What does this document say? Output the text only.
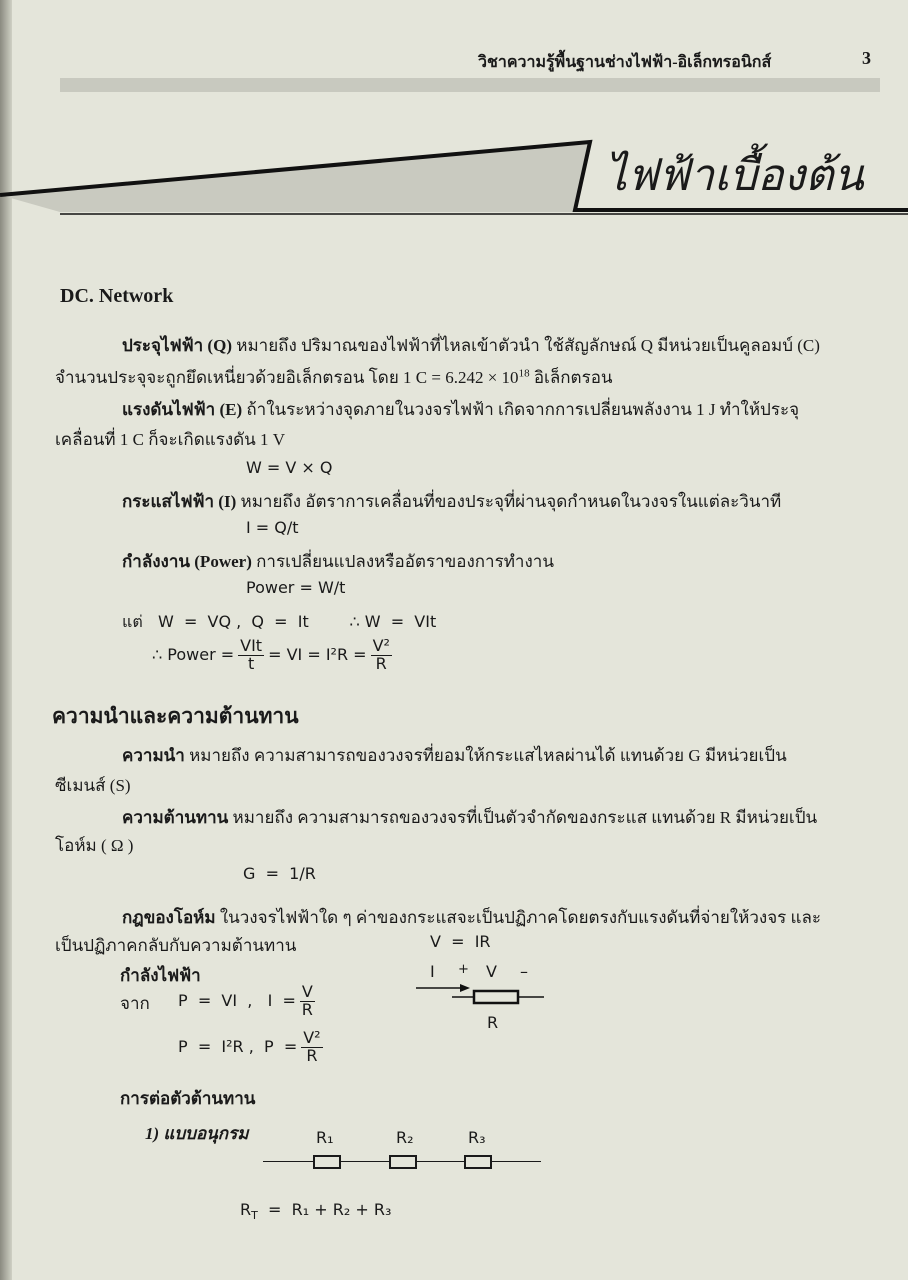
วิชาความรู้พื้นฐานช่างไฟฟ้า-อิเล็กทรอนิกส์	3
ไฟฟ้าเบื้องต้น
DC. Network
ประจุไฟฟ้า (Q) หมายถึง ปริมาณของไฟฟ้าที่ไหลเข้าตัวนำ ใช้สัญลักษณ์ Q มีหน่วยเป็นคูลอมบ์ (C)
จำนวนประจุจะถูกยึดเหนี่ยวด้วยอิเล็กตรอน โดย 1 $C = 6.242 \times 10^{18}$ อิเล็กตรอน
แรงดันไฟฟ้า (E) ถ้าในระหว่างจุดภายในวงจรไฟฟ้า เกิดจากการเปลี่ยนพลังงาน 1 J ทำให้ประจุ
เคลื่อนที่ 1 C ก็จะเกิดแรงดัน 1 V
W = V × Q
กระแสไฟฟ้า (I) หมายถึง อัตราการเคลื่อนที่ของประจุที่ผ่านจุดกำหนดในวงจรในแต่ละวินาที
I = Q/t
กำลังงาน (Power) การเปลี่ยนแปลงหรืออัตราของการทำงาน
Power = W/t
แต่   W  =  VQ ,  Q  =  It        ∴ W  =  VIt
∴ Power = $\frac{\text{VIt}}{t}$ = VI = $I^2R = \frac{\text{V²}}{R}$
ความนำและความต้านทาน
ความนำ หมายถึง ความสามารถของวงจรที่ยอมให้กระแสไหลผ่านได้ แทนด้วย G มีหน่วยเป็น
ซีเมนส์ (S)
ความต้านทาน หมายถึง ความสามารถของวงจรที่เป็นตัวจำกัดของกระแส แทนด้วย R มีหน่วยเป็น
โอห์ม ( Ω )
G  =  1/R
กฎของโอห์ม ในวงจรไฟฟ้าใด ๆ ค่าของกระแสจะเป็นปฏิภาคโดยตรงกับแรงดันที่จ่ายให้วงจร และ
เป็นปฏิภาคกลับกับความต้านทาน	V  =  IR
กำลังไฟฟ้า
จาก P  =  VI  ,   $I = \frac{V}{R}$
P  =  I²R ,  $P = \frac{\text{V²}}{R}$
I + V –
R
การต่อตัวต้านทาน
1) แบบอนุกรม	R₁	R₂	R₃
$R_T = R_1 + R_2 + R_3$
